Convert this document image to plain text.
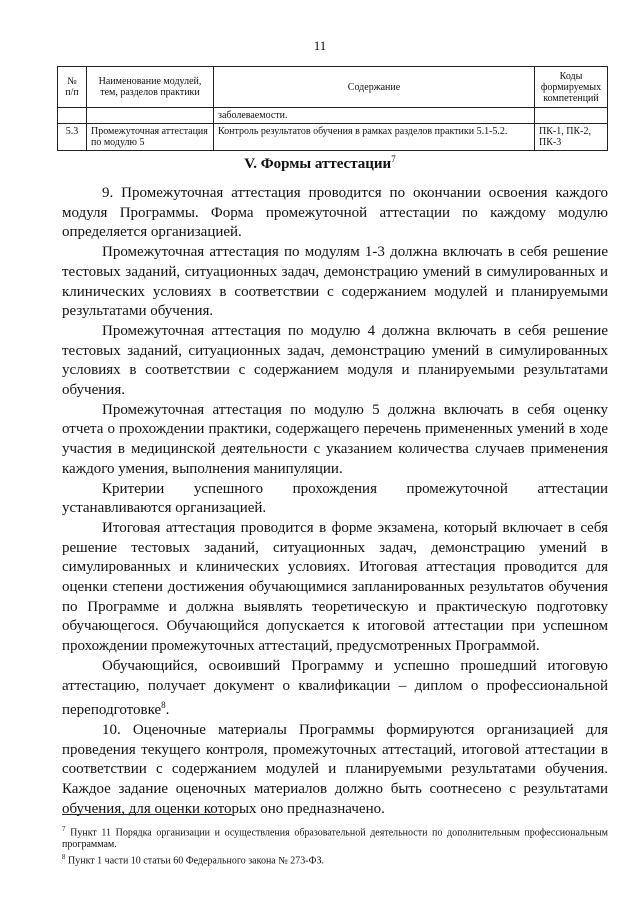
11
№ п/п	Наименование модулей, тем, разделов практики	Содержание	Коды формируемых компетенций
		заболеваемости.	
5.3	Промежуточная аттестация по модулю 5	Контроль результатов обучения в рамках разделов практики 5.1-5.2.	ПК-1, ПК-2, ПК-3
V. Формы аттестации$^7$

9. Промежуточная аттестация проводится по окончании освоения каждого модуля Программы. Форма промежуточной аттестации по каждому модулю определяется организацией.

Промежуточная аттестация по модулям 1-3 должна включать в себя решение тестовых заданий, ситуационных задач, демонстрацию умений в симулированных и клинических условиях в соответствии с содержанием модулей и планируемыми результатами обучения.

Промежуточная аттестация по модулю 4 должна включать в себя решение тестовых заданий, ситуационных задач, демонстрацию умений в симулированных условиях в соответствии с содержанием модуля и планируемыми результатами обучения.

Промежуточная аттестация по модулю 5 должна включать в себя оценку отчета о прохождении практики, содержащего перечень примененных умений в ходе участия в медицинской деятельности с указанием количества случаев применения каждого умения, выполнения манипуляции.

Критерии успешного прохождения промежуточной аттестации устанавливаются организацией.

Итоговая аттестация проводится в форме экзамена, который включает в себя решение тестовых заданий, ситуационных задач, демонстрацию умений в симулированных и клинических условиях. Итоговая аттестация проводится для оценки степени достижения обучающимися запланированных результатов обучения по Программе и должна выявлять теоретическую и практическую подготовку обучающегося. Обучающийся допускается к итоговой аттестации при успешном прохождении промежуточных аттестаций, предусмотренных Программой.

Обучающийся, освоивший Программу и успешно прошедший итоговую аттестацию, получает документ о квалификации – диплом о профессиональной переподготовке$^8$.

10. Оценочные материалы Программы формируются организацией для проведения текущего контроля, промежуточных аттестаций, итоговой аттестации в соответствии с содержанием модулей и планируемыми результатами обучения. Каждое задание оценочных материалов должно быть соотнесено с результатами обучения, для оценки которых оно предназначено.

$^7$ Пункт 11 Порядка организации и осуществления образовательной деятельности по дополнительным профессиональным программам.

$^8$ Пункт 1 части 10 статьи 60 Федерального закона № 273-ФЗ.
